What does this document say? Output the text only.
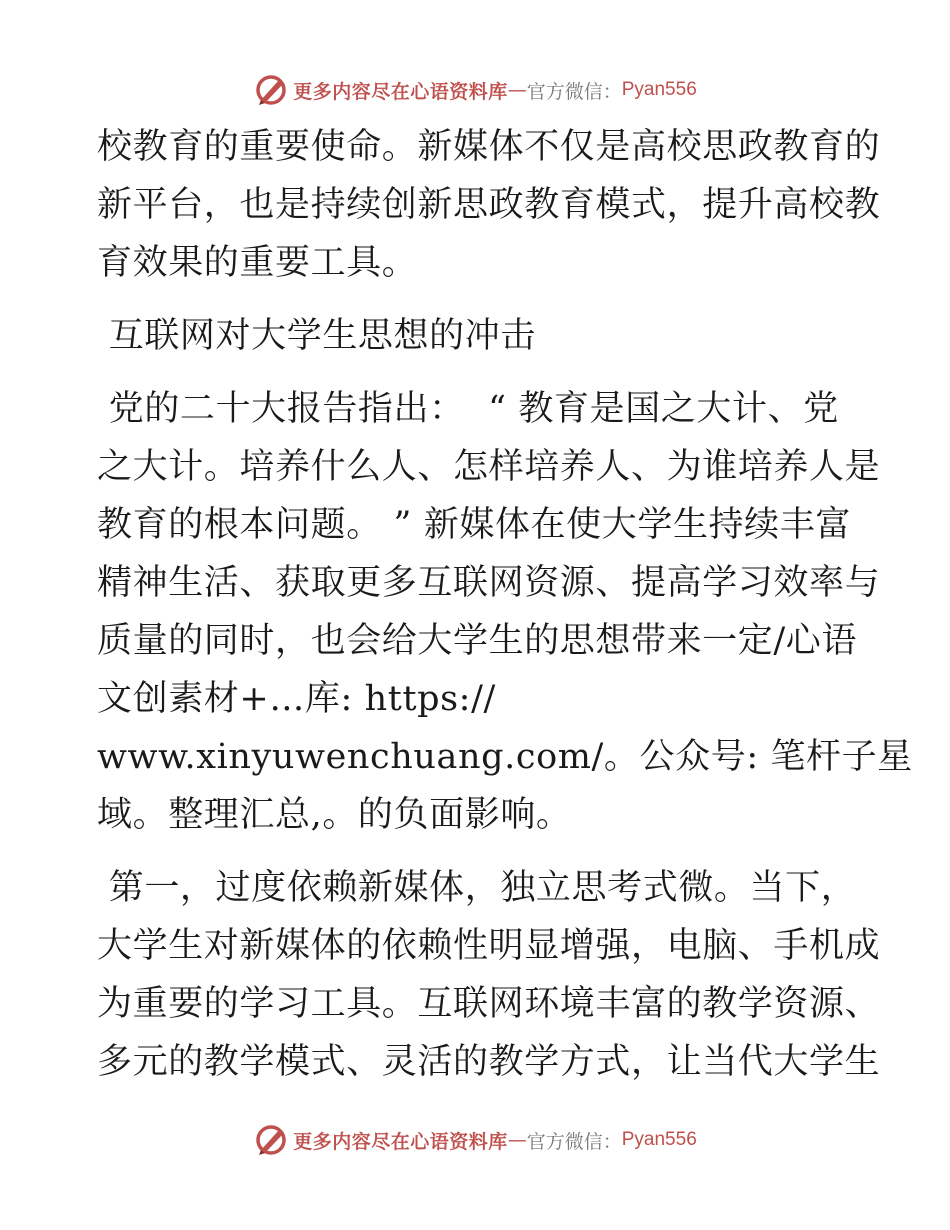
更多内容尽在心语资料库 — 官方微信： Pyan556
校教育的重要使命。新媒体不仅是高校思政教育的
新平台，也是持续创新思政教育模式，提升高校教
育效果的重要工具。
互联网对大学生思想的冲击
党的二十大报告指出：  “ 教育是国之大计、党
之大计。培养什么人、怎样培养人、为谁培养人是
教育的根本问题。 ” 新媒体在使大学生持续丰富
精神生活、获取更多互联网资源、提高学习效率与
质量的同时，也会给大学生的思想带来一定/心语
文创素材+…库: https://
www.xinyuwenchuang.com/。公众号: 笔杆子星
域。整理汇总,。的负面影响。
第一，过度依赖新媒体，独立思考式微。当下，
大学生对新媒体的依赖性明显增强，电脑、手机成
为重要的学习工具。互联网环境丰富的教学资源、
多元的教学模式、灵活的教学方式，让当代大学生
更多内容尽在心语资料库 — 官方微信： Pyan556
